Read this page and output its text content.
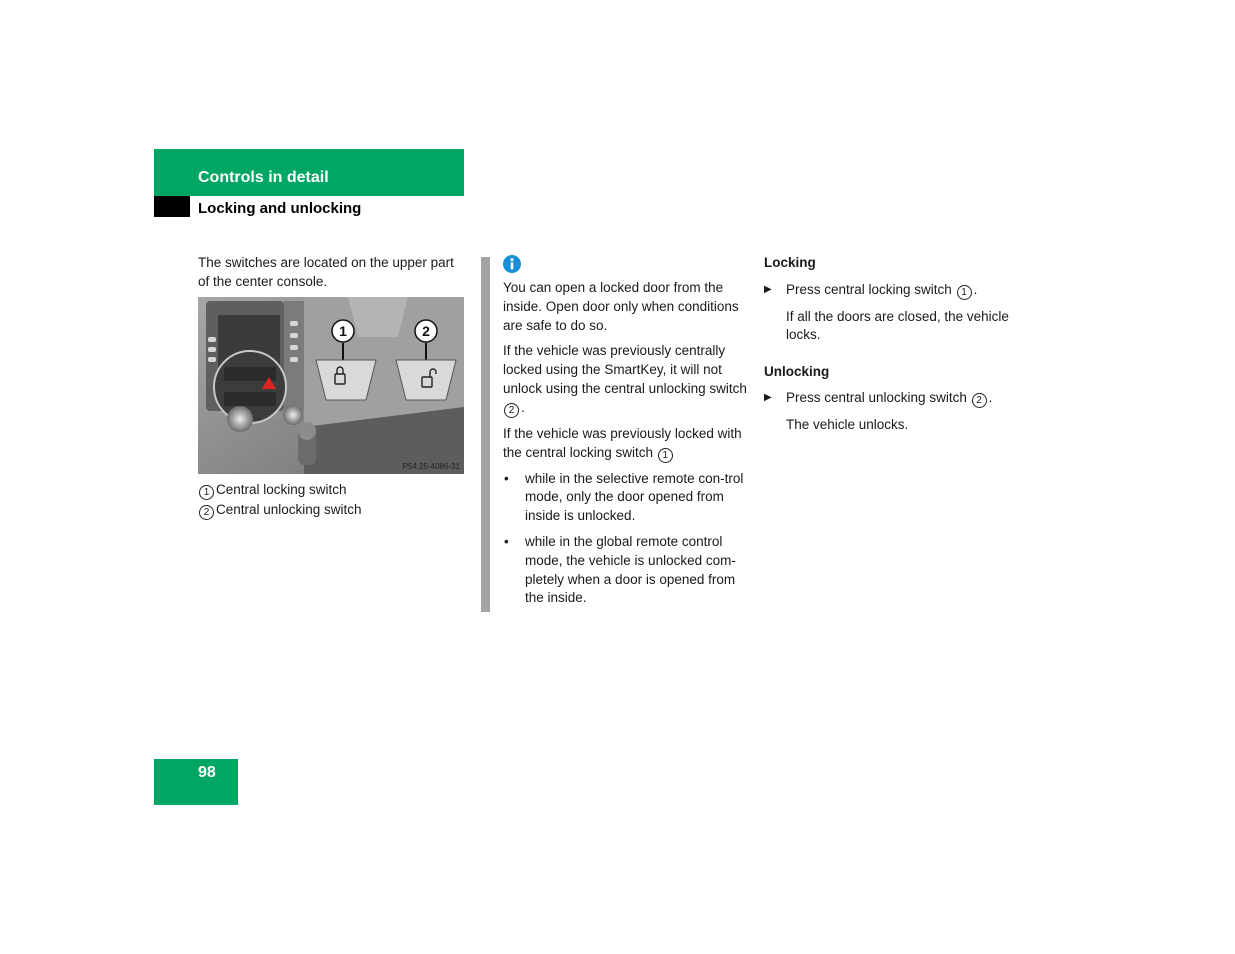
Controls in detail
Locking and unlocking
The switches are located on the upper part of the center console.
1	2
P54.25-4086-31
1 Central locking switch
2 Central unlocking switch

You can open a locked door from the inside. Open door only when conditions are safe to do so.

If the vehicle was previously centrally locked using the SmartKey, it will not unlock using the central unlocking switch 2 .

If the vehicle was previously locked with the central locking switch 1

• while in the selective remote con-trol mode, only the door opened from inside is unlocked.
• while in the global remote control mode, the vehicle is unlocked com-pletely when a door is opened from the inside.
Locking
▶ Press central locking switch 1 .
If all the doors are closed, the vehicle locks.
Unlocking
▶ Press central unlocking switch 2 .
The vehicle unlocks.
98
